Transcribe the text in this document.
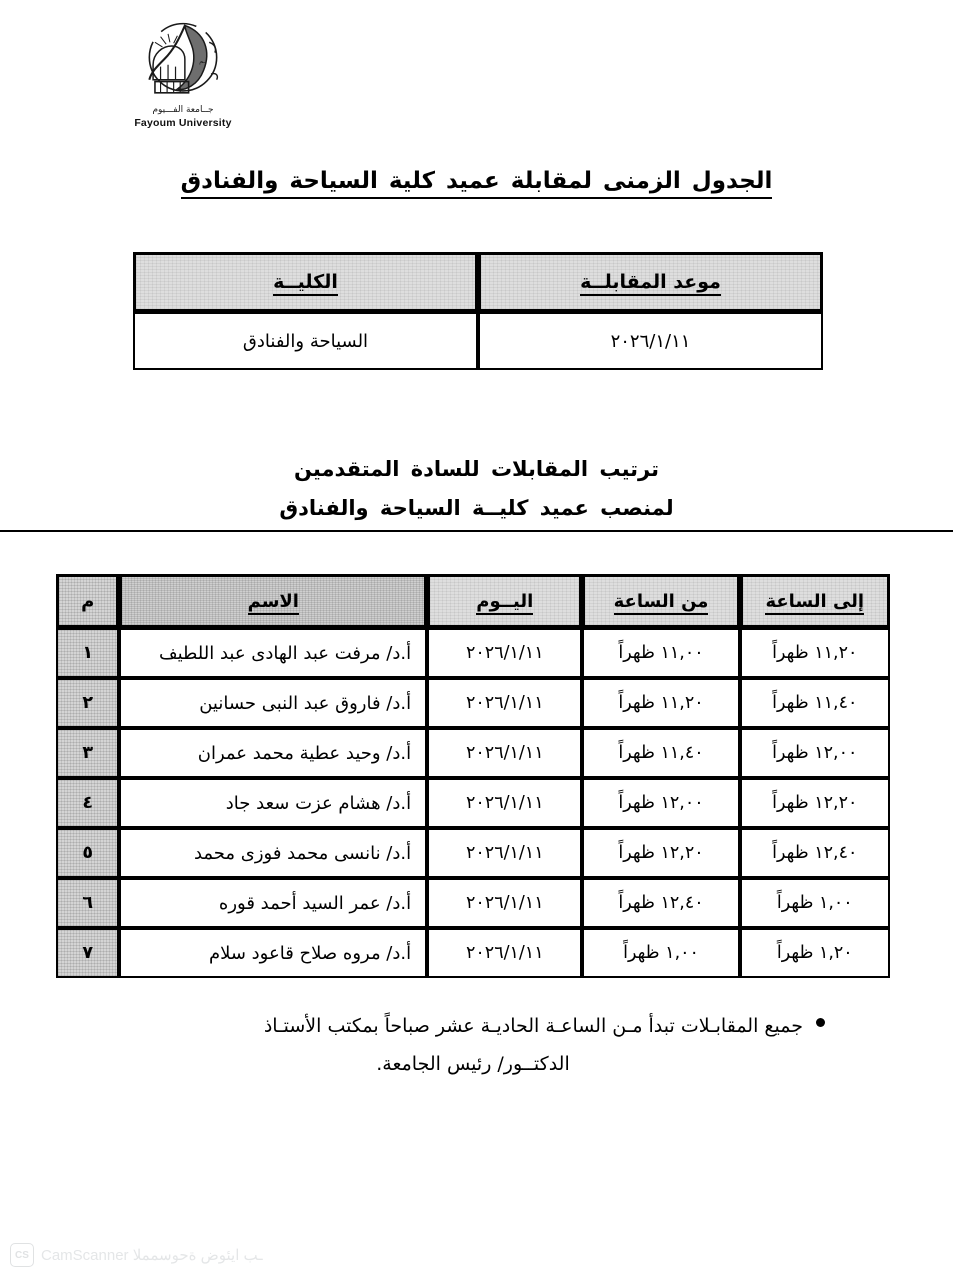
ـم
جــامعة الفـــيوم
Fayoum University
الجدول الزمنى لمقابلة عميد كلية السياحة والفنادق
موعد المقابلــة	الكليــة
٢٠٢٦/١/١١	السياحة والفنادق
ترتيب المقابلات للسادة المتقدمين
لمنصب عميد كليــة السياحة والفنادق
إلى الساعة	من الساعة	اليــوم	الاسم	م
١١,٢٠ ظهراً	١١,٠٠ ظهراً	٢٠٢٦/١/١١	أ.د/ مرفت عبد الهادى عبد اللطيف	١
١١,٤٠ ظهراً	١١,٢٠ ظهراً	٢٠٢٦/١/١١	أ.د/ فاروق عبد النبى حسانين	٢
١٢,٠٠ ظهراً	١١,٤٠ ظهراً	٢٠٢٦/١/١١	أ.د/ وحيد عطية محمد عمران	٣
١٢,٢٠ ظهراً	١٢,٠٠ ظهراً	٢٠٢٦/١/١١	أ.د/ هشام عزت سعد جاد	٤
١٢,٤٠ ظهراً	١٢,٢٠ ظهراً	٢٠٢٦/١/١١	أ.د/ نانسى محمد فوزى محمد	٥
١,٠٠ ظهراً	١٢,٤٠ ظهراً	٢٠٢٦/١/١١	أ.د/ عمر السيد أحمد قوره	٦
١,٢٠ ظهراً	١,٠٠ ظهراً	٢٠٢٦/١/١١	أ.د/ مروه صلاح قاعود سلام	٧
جميع المقابـلات تبدأ مـن الساعـة الحاديـة عشر صباحاً بمكتب الأستـاذ
الدكتــور/ رئيس الجامعة.
CS CamScanner ـب ايئوض ةحوسمملا
